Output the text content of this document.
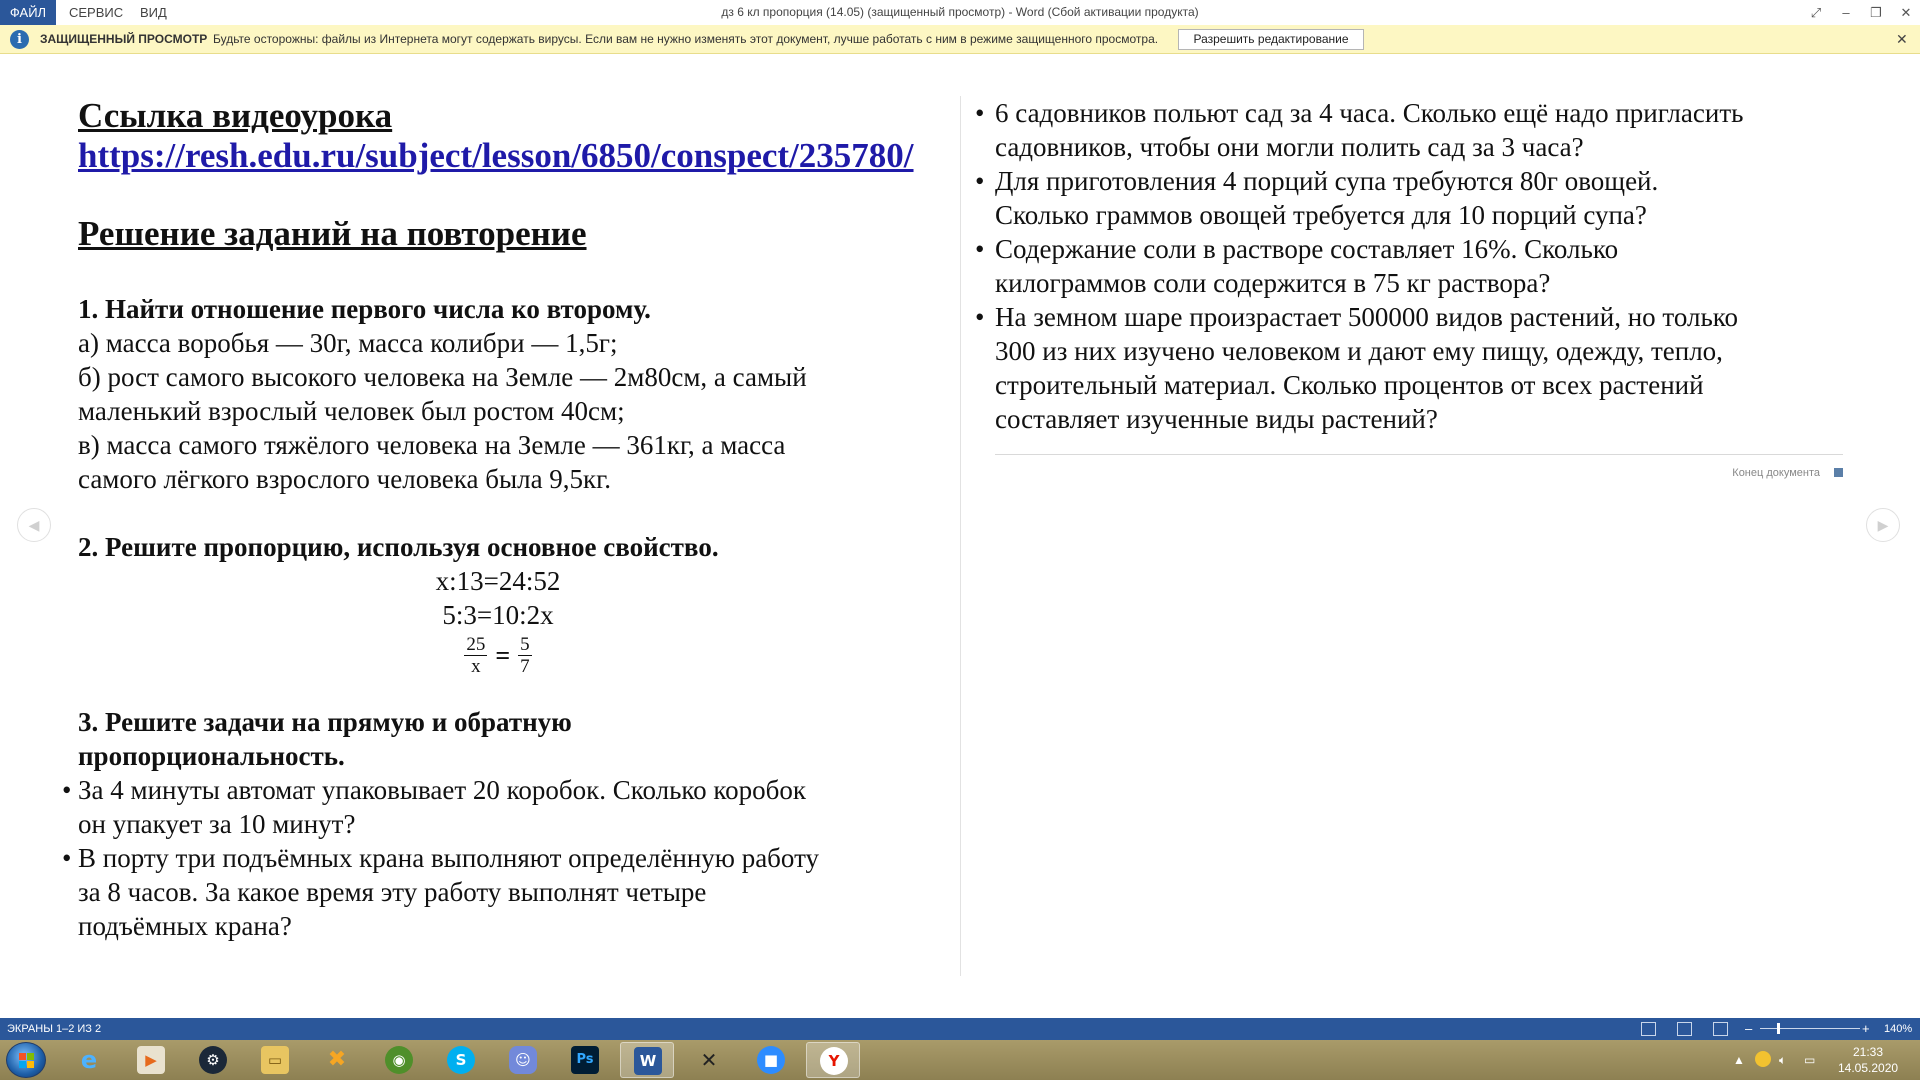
ФАЙЛ	СЕРВИС	ВИД	дз 6 кл пропорция (14.05) (защищенный просмотр) - Word (Сбой активации продукта)	⤢	–	❐	✕
i	ЗАЩИЩЕННЫЙ ПРОСМОТР Будьте осторожны: файлы из Интернета могут содержать вирусы. Если вам не нужно изменять этот документ, лучше работать с ним в режиме защищенного просмотра.	Разрешить редактирование	✕
◀	▶
Ссылка видеоурока
https://resh.edu.ru/subject/lesson/6850/conspect/235780/
Решение заданий на повторение
1. Найти отношение первого числа ко второму.
а) масса воробья — 30г, масса колибри — 1,5г;
б) рост самого высокого человека на Земле — 2м80см, а самый
маленький взрослый человек был ростом 40см;
в) масса самого тяжёлого человека на Земле — 361кг, а масса
самого лёгкого взрослого человека была 9,5кг.
2. Решите пропорцию, используя основное свойство.
x:13=24:52
5:3=10:2x
$\frac{25}{x} = \frac{5}{7}$
3. Решите задачи на прямую и обратную
пропорциональность.
• За 4 минуты автомат упаковывает 20 коробок. Сколько коробок
он упакует за 10 минут?
• В порту три подъёмных крана выполняют определённую работу
за 8 часов. За какое время эту работу выполнят четыре
подъёмных крана?
• 6 садовников польют сад за 4 часа. Сколько ещё надо пригласить
садовников, чтобы они могли полить сад за 3 часа?
• Для приготовления 4 порций супа требуются 80г овощей.
Сколько граммов овощей требуется для 10 порций супа?
• Содержание соли в растворе составляет 16%. Сколько
килограммов соли содержится в 75 кг раствора?
• На земном шаре произрастает 500000 видов растений, но только
300 из них изучено человеком и дают ему пищу, одежду, тепло,
строительный материал. Сколько процентов от всех растений
составляет изученные виды растений?
Конец документа
ЭКРАНЫ 1–2 ИЗ 2	–	+ 140%
e	▶	⚙	▭	✖	◉	S	☺	Ps	W ✕	■	Y	▲	🔈︎ ▭
21:33
14.05.2020
